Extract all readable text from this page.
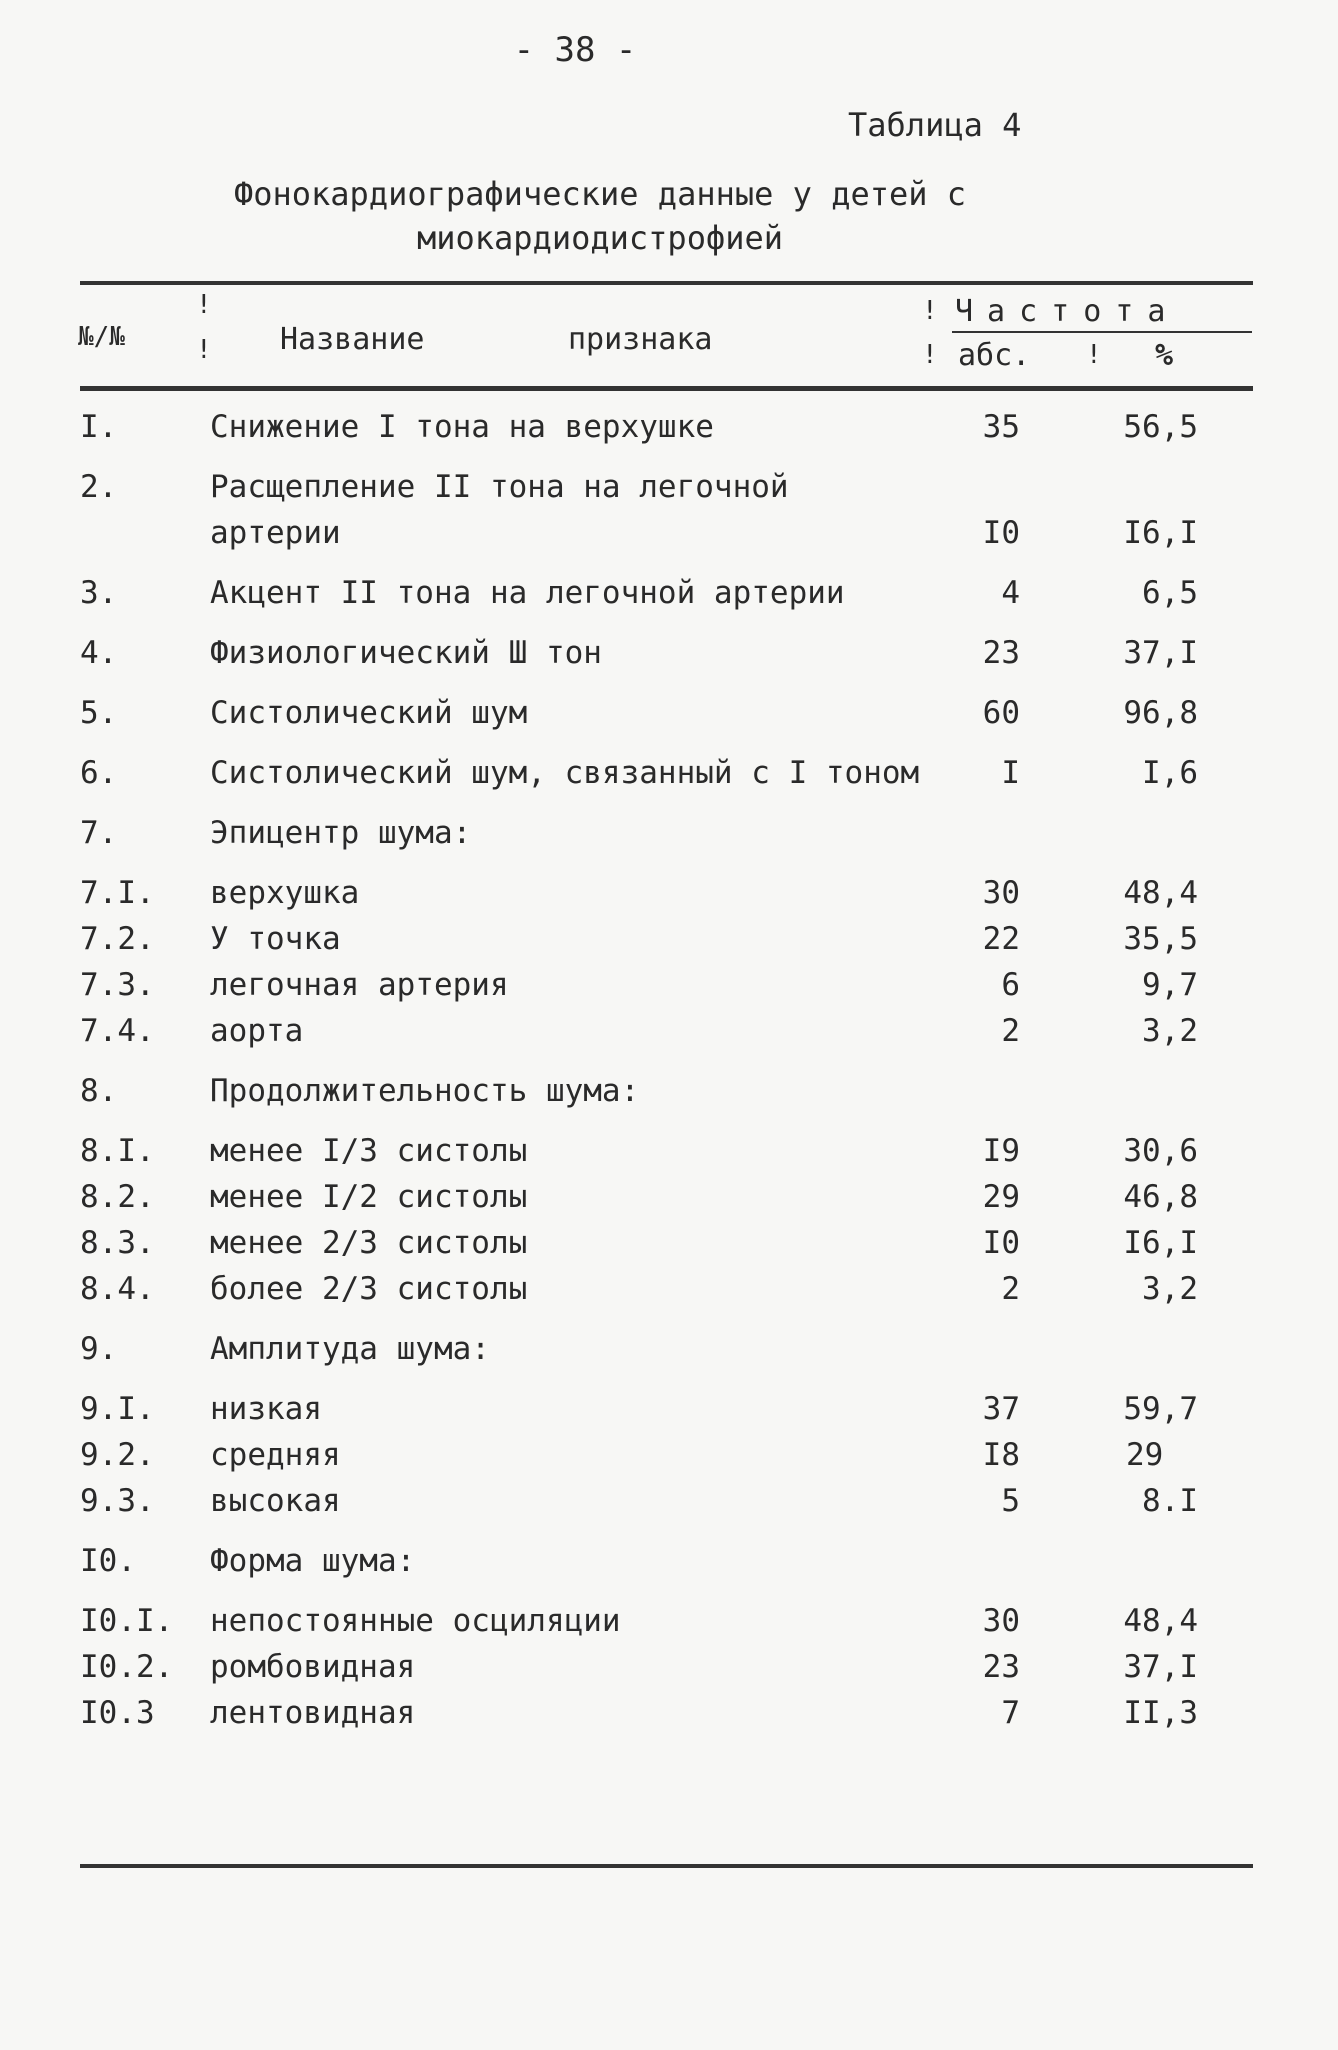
- 38 -
Таблица 4
Фонокардиографические данные у детей с
миокардиодистрофией
№/№
!
! Название	признака
!
!
Частота
абс. ! %
I.	Снижение I тона на верхушке	35	56,5
2.	Расщепление II тона на легочной артерии	I0	I6,I
3.	Акцент II тона на легочной артерии	4	6,5
4.	Физиологический Ш тон	23	37,I
5.	Систолический шум	60	96,8
6.	Систолический шум, связанный с I тоном	I	I,6
7.	Эпицентр шума:
7.I. верхушка	30	48,4
7.2. У точка	22	35,5
7.3. легочная артерия	6	9,7
7.4. аорта	2	3,2
8.	Продолжительность шума:
8.I. менее I/3 систолы	I9	30,6
8.2. менее I/2 систолы	29	46,8
8.3. менее 2/3 систолы	I0	I6,I
8.4. более 2/3 систолы	2	3,2
9.	Амплитуда шума:
9.I. низкая	37	59,7
9.2. средняя	I8	29
9.3. высокая	5	8.I
I0. Форма шума:
I0.I. непостоянные осциляции	30	48,4
I0.2. ромбовидная	23	37,I
I0.3 лентовидная	7	II,3
